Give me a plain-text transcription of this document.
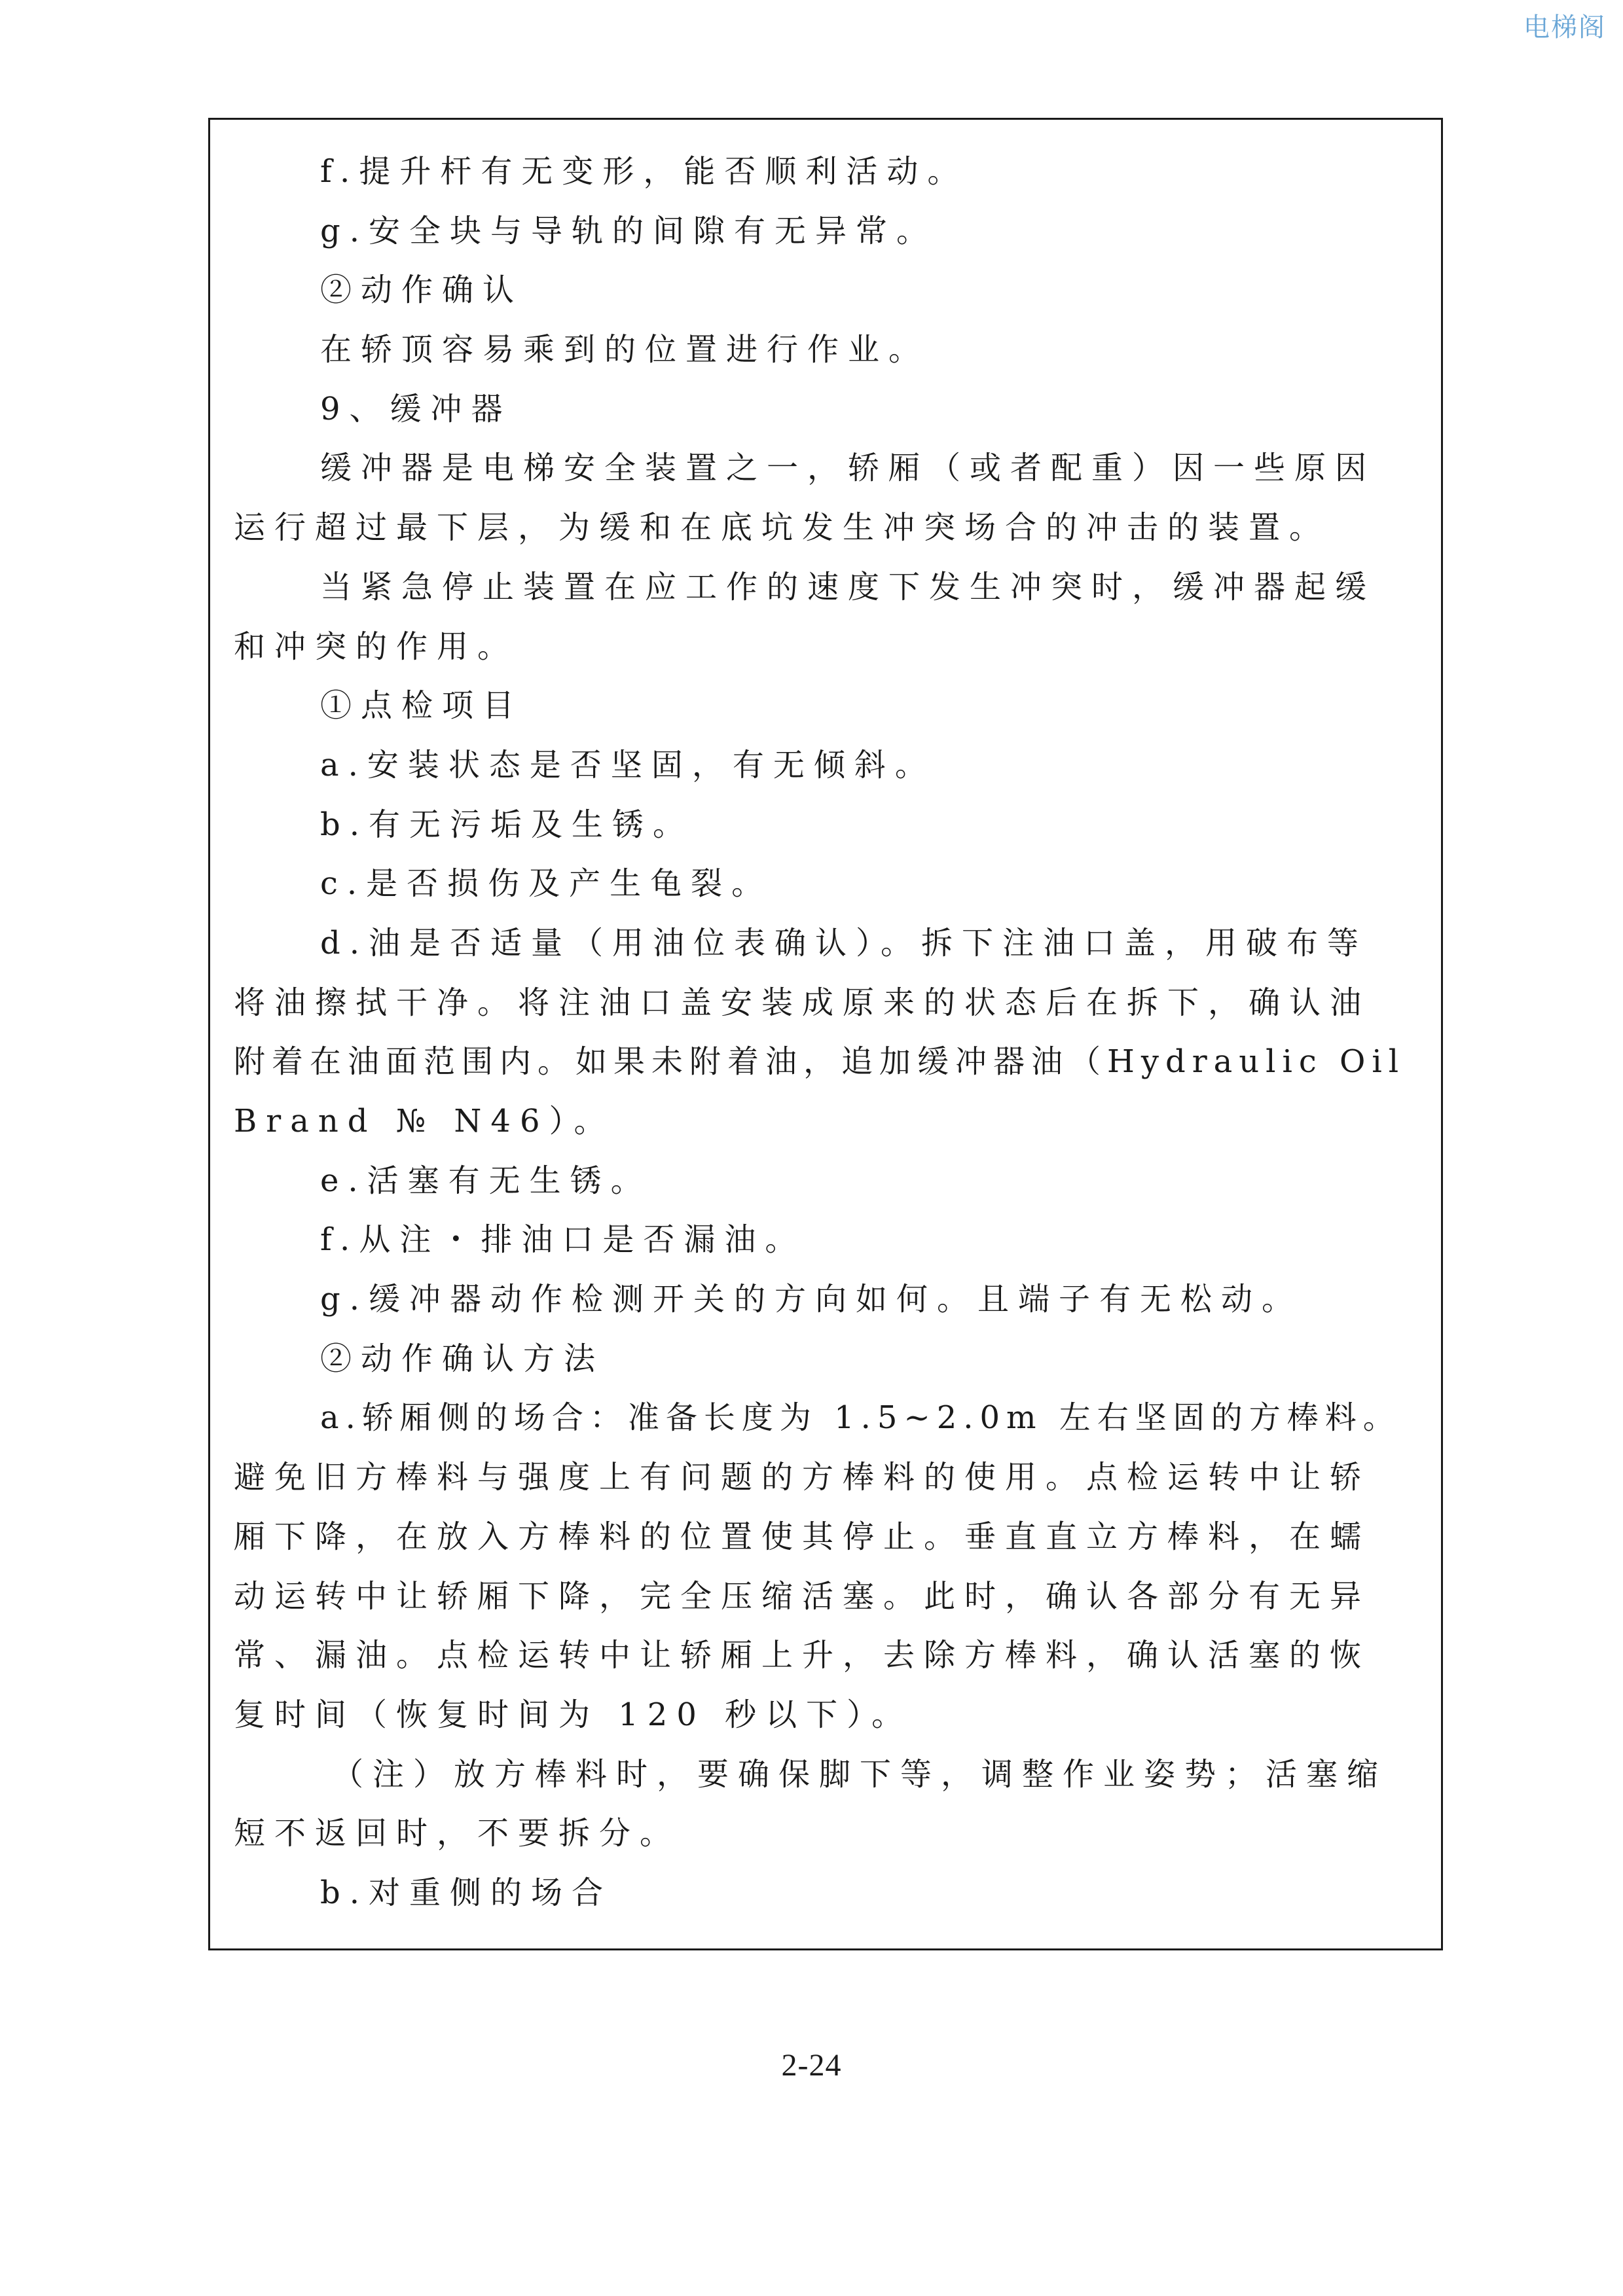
电梯阁
f.提升杆有无变形，能否顺利活动。
g.安全块与导轨的间隙有无异常。
②动作确认
在轿顶容易乘到的位置进行作业。
9、缓冲器
缓冲器是电梯安全装置之一，轿厢（或者配重）因一些原因
运行超过最下层，为缓和在底坑发生冲突场合的冲击的装置。
当紧急停止装置在应工作的速度下发生冲突时，缓冲器起缓
和冲突的作用。
①点检项目
a.安装状态是否坚固，有无倾斜。
b.有无污垢及生锈。
c.是否损伤及产生龟裂。
d.油是否适量（用油位表确认）。拆下注油口盖，用破布等
将油擦拭干净。将注油口盖安装成原来的状态后在拆下，确认油
附着在油面范围内。如果未附着油，追加缓冲器油（Hydraulic Oil
Brand № N46）。
e.活塞有无生锈。
f.从注・排油口是否漏油。
g.缓冲器动作检测开关的方向如何。且端子有无松动。
②动作确认方法
a.轿厢侧的场合：准备长度为 1.5~2.0m 左右坚固的方棒料。
避免旧方棒料与强度上有问题的方棒料的使用。点检运转中让轿
厢下降，在放入方棒料的位置使其停止。垂直直立方棒料，在蠕
动运转中让轿厢下降，完全压缩活塞。此时，确认各部分有无异
常、漏油。点检运转中让轿厢上升，去除方棒料，确认活塞的恢
复时间（恢复时间为 120 秒以下）。
（注）放方棒料时，要确保脚下等，调整作业姿势；活塞缩
短不返回时，不要拆分。
b.对重侧的场合
2-24
